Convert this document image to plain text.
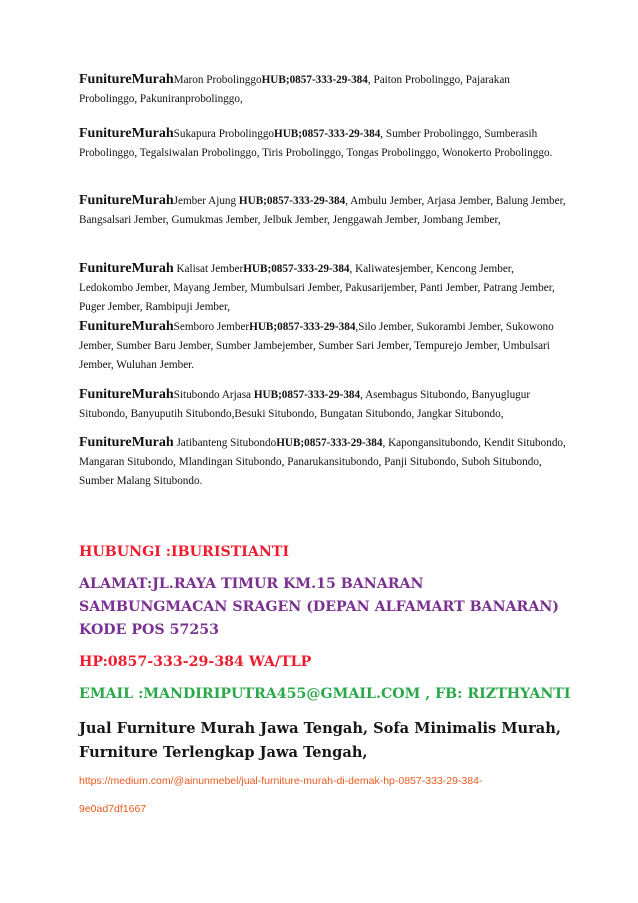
FunitureMurahMaron ProbolinggoHUB;0857-333-29-384, Paiton Probolinggo, Pajarakan Probolinggo, Pakuniranprobolinggo,

FunitureMurahSukapura ProbolinggoHUB;0857-333-29-384, Sumber Probolinggo, Sumberasih Probolinggo, Tegalsiwalan Probolinggo, Tiris Probolinggo, Tongas Probolinggo, Wonokerto Probolinggo.

FunitureMurahJember Ajung HUB;0857-333-29-384, Ambulu Jember, Arjasa Jember, Balung Jember, Bangsalsari Jember, Gumukmas Jember, Jelbuk Jember, Jenggawah Jember, Jombang Jember,

FunitureMurah Kalisat JemberHUB;0857-333-29-384, Kaliwatesjember, Kencong Jember, Ledokombo Jember, Mayang Jember, Mumbulsari Jember, Pakusarijember, Panti Jember, Patrang Jember, Puger Jember, Rambipuji Jember,

FunitureMurahSemboro JemberHUB;0857-333-29-384,Silo Jember, Sukorambi Jember, Sukowono Jember, Sumber Baru Jember, Sumber Jambejember, Sumber Sari Jember, Tempurejo Jember, Umbulsari Jember, Wuluhan Jember.

FunitureMurahSitubondo Arjasa HUB;0857-333-29-384, Asembagus Situbondo, Banyuglugur Situbondo, Banyuputih Situbondo,Besuki Situbondo, Bungatan Situbondo, Jangkar Situbondo,

FunitureMurah Jatibanteng SitubondoHUB;0857-333-29-384, Kapongansitubondo, Kendit Situbondo, Mangaran Situbondo, Mlandingan Situbondo, Panarukansitubondo, Panji Situbondo, Suboh Situbondo, Sumber Malang Situbondo.

HUBUNGI :IBURISTIANTI
ALAMAT:JL.RAYA TIMUR KM.15 BANARAN
SAMBUNGMACAN SRAGEN (DEPAN ALFAMART BANARAN)
KODE POS 57253
HP:0857-333-29-384 WA/TLP
EMAIL :MANDIRIPUTRA455@GMAIL.COM , FB: RIZTHYANTI
Jual Furniture Murah Jawa Tengah, Sofa Minimalis Murah,
Furniture Terlengkap Jawa Tengah,
https://medium.com/@ainunmebel/jual-furniture-murah-di-demak-hp-0857-333-29-384-
9e0ad7df1667
